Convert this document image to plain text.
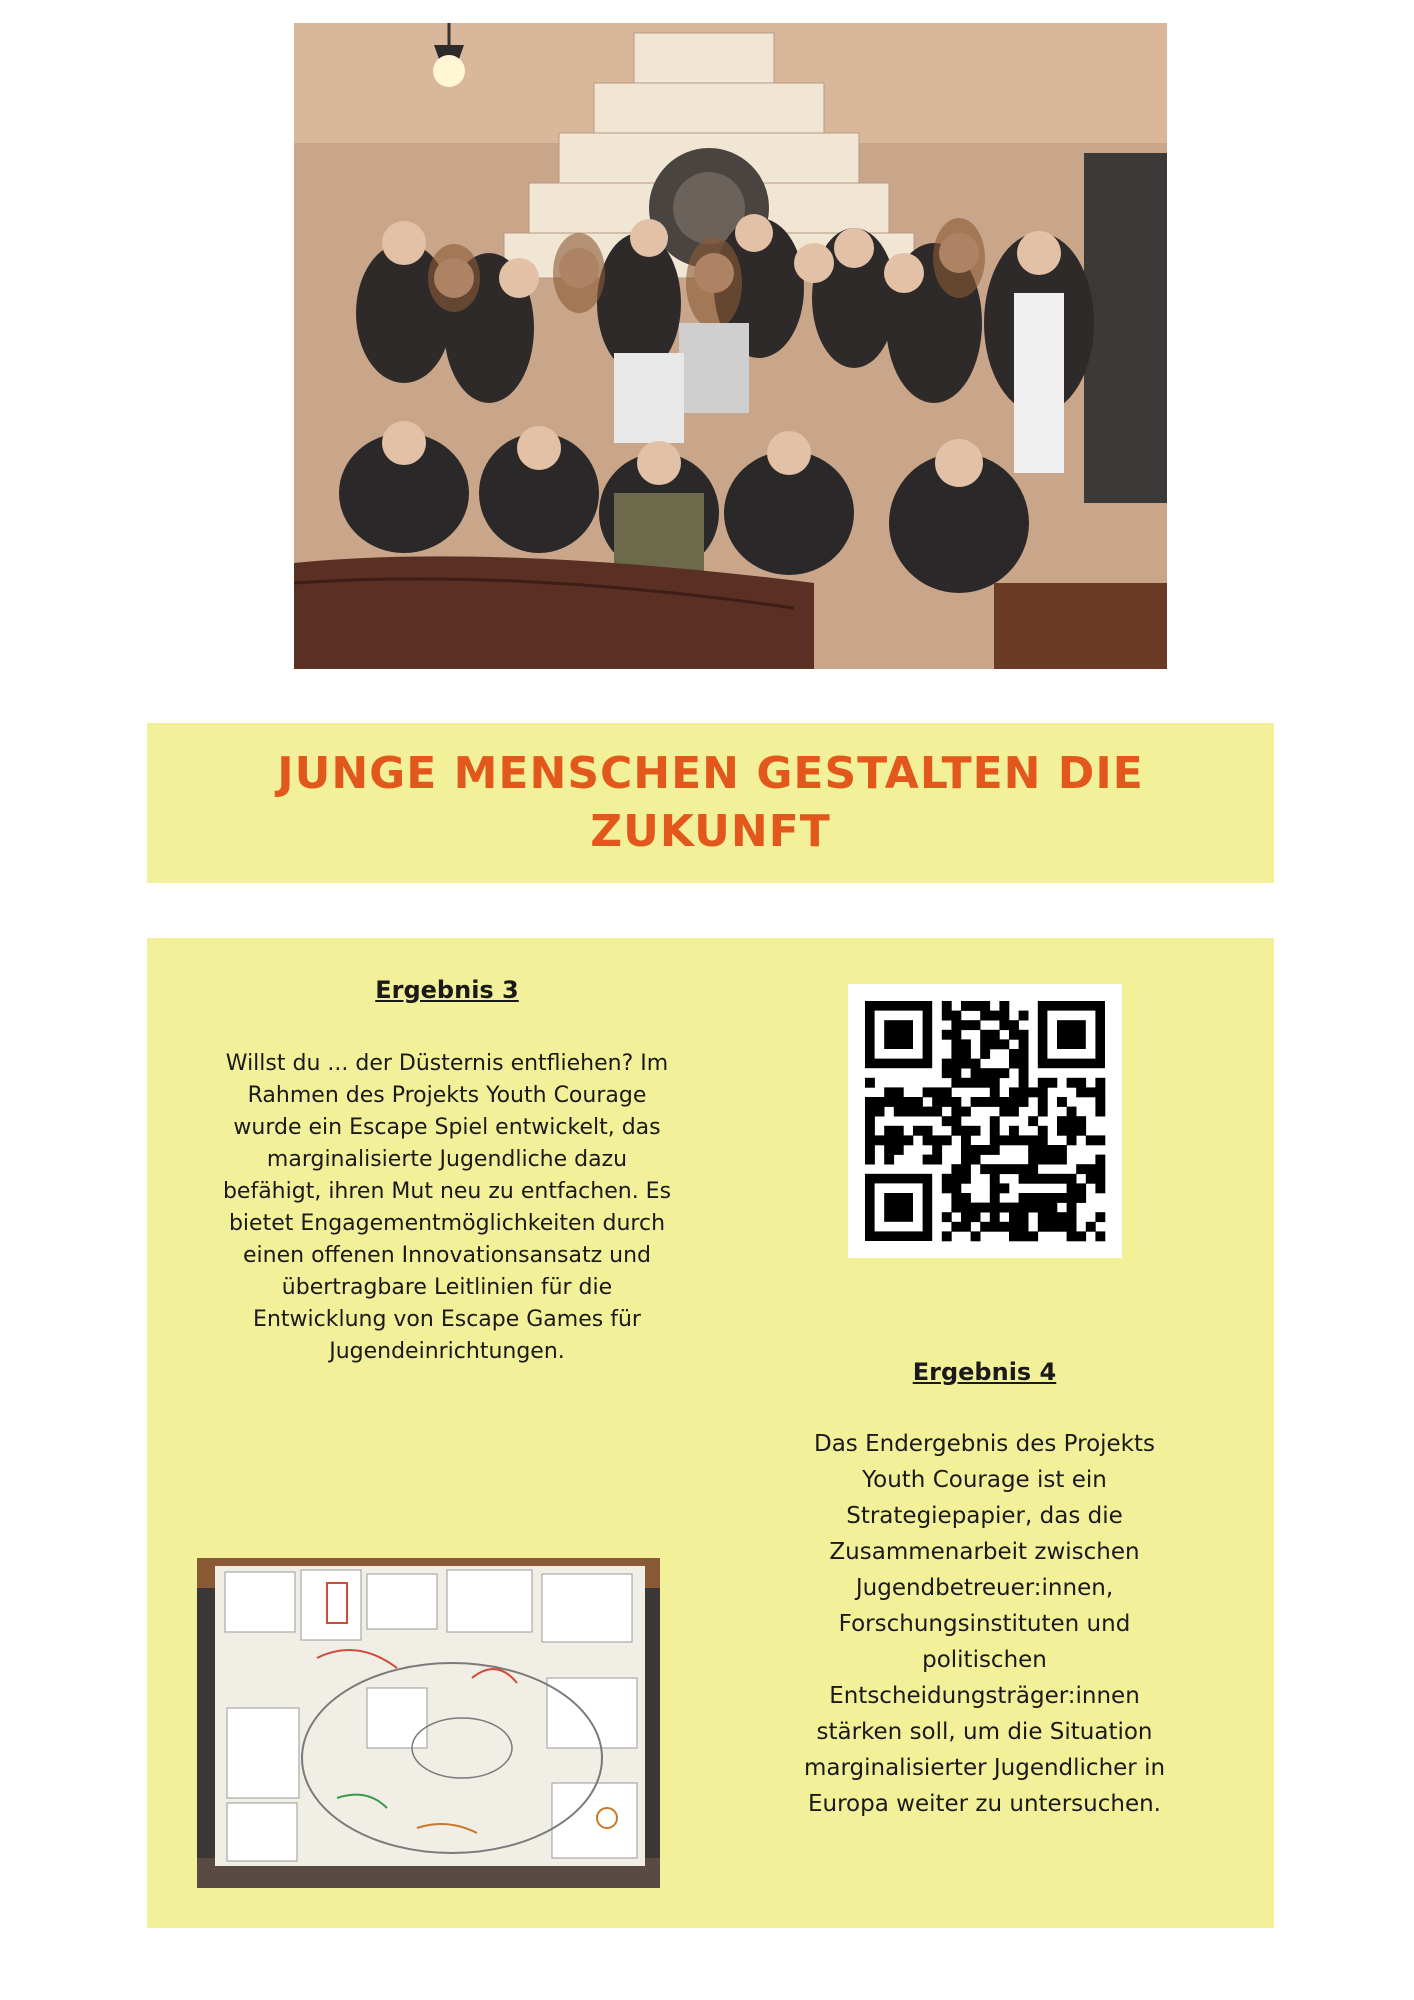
JUNGE MENSCHEN GESTALTEN DIE ZUKUNFT

Ergebnis 3

Willst du ... der Düsternis entfliehen? Im Rahmen des Projekts Youth Courage wurde ein Escape Spiel entwickelt, das marginalisierte Jugendliche dazu befähigt, ihren Mut neu zu entfachen. Es bietet Engagementmöglichkeiten durch einen offenen Innovationsansatz und übertragbare Leitlinien für die Entwicklung von Escape Games für Jugendeinrichtungen.

Ergebnis 4

Das Endergebnis des Projekts Youth Courage ist ein Strategiepapier, das die Zusammenarbeit zwischen Jugendbetreuer:innen, Forschungsinstituten und politischen Entscheidungsträger:innen stärken soll, um die Situation marginalisierter Jugendlicher in Europa weiter zu untersuchen.
